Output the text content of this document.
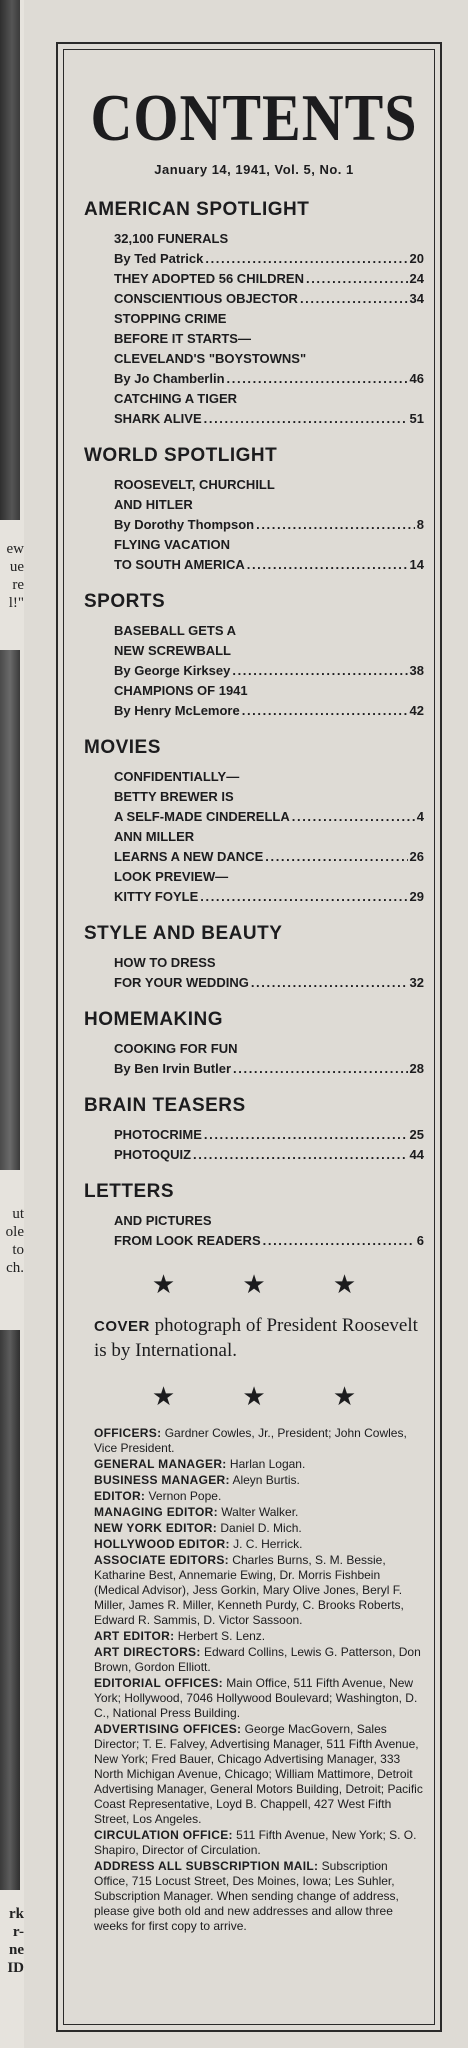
ew
ue
re
l!"
ut
ole
to
ch.
rk
r-
ne
ID
CONTENTS
January 14, 1941, Vol. 5, No. 1
AMERICAN SPOTLIGHT
32,100 FUNERALS
By Ted Patrick . . .	20
THEY ADOPTED 56 CHILDREN . . .	24
CONSCIENTIOUS OBJECTOR . . .	34
STOPPING CRIME
BEFORE IT STARTS—
CLEVELAND'S "BOYSTOWNS"
By Jo Chamberlin . . .	46
CATCHING A TIGER
SHARK ALIVE . . .	51
WORLD SPOTLIGHT
ROOSEVELT, CHURCHILL
AND HITLER
By Dorothy Thompson . . .	8
FLYING VACATION
TO SOUTH AMERICA . . .	14
SPORTS
BASEBALL GETS A
NEW SCREWBALL
By George Kirksey . . .	38
CHAMPIONS OF 1941
By Henry McLemore . . .	42
MOVIES
CONFIDENTIALLY—
BETTY BREWER IS
A SELF-MADE CINDERELLA . . .	4
ANN MILLER
LEARNS A NEW DANCE . . .	26
LOOK PREVIEW—
KITTY FOYLE . . .	29
STYLE AND BEAUTY
HOW TO DRESS
FOR YOUR WEDDING . . .	32
HOMEMAKING
COOKING FOR FUN
By Ben Irvin Butler . . .	28
BRAIN TEASERS
PHOTOCRIME . . .	25
PHOTOQUIZ . . .	44
LETTERS
AND PICTURES
FROM LOOK READERS . . .	6
★ ★ ★

COVER photograph of President Roosevelt is by International.

★ ★ ★

OFFICERS: Gardner Cowles, Jr., President; John Cowles, Vice President.

GENERAL MANAGER: Harlan Logan.

BUSINESS MANAGER: Aleyn Burtis.

EDITOR: Vernon Pope.

MANAGING EDITOR: Walter Walker.

NEW YORK EDITOR: Daniel D. Mich.

HOLLYWOOD EDITOR: J. C. Herrick.

ASSOCIATE EDITORS: Charles Burns, S. M. Bessie, Katharine Best, Annemarie Ewing, Dr. Morris Fishbein (Medical Advisor), Jess Gorkin, Mary Olive Jones, Beryl F. Miller, James R. Miller, Kenneth Purdy, C. Brooks Roberts, Edward R. Sammis, D. Victor Sassoon.

ART EDITOR: Herbert S. Lenz.

ART DIRECTORS: Edward Collins, Lewis G. Patterson, Don Brown, Gordon Elliott.

EDITORIAL OFFICES: Main Office, 511 Fifth Avenue, New York; Hollywood, 7046 Hollywood Boulevard; Washington, D. C., National Press Building.

ADVERTISING OFFICES: George MacGovern, Sales Director; T. E. Falvey, Advertising Manager, 511 Fifth Avenue, New York; Fred Bauer, Chicago Advertising Manager, 333 North Michigan Avenue, Chicago; William Mattimore, Detroit Advertising Manager, General Motors Building, Detroit; Pacific Coast Representative, Loyd B. Chappell, 427 West Fifth Street, Los Angeles.

CIRCULATION OFFICE: 511 Fifth Avenue, New York; S. O. Shapiro, Director of Circulation.

ADDRESS ALL SUBSCRIPTION MAIL: Subscription Office, 715 Locust Street, Des Moines, Iowa; Les Suhler, Subscription Manager. When sending change of address, please give both old and new addresses and allow three weeks for first copy to arrive.
